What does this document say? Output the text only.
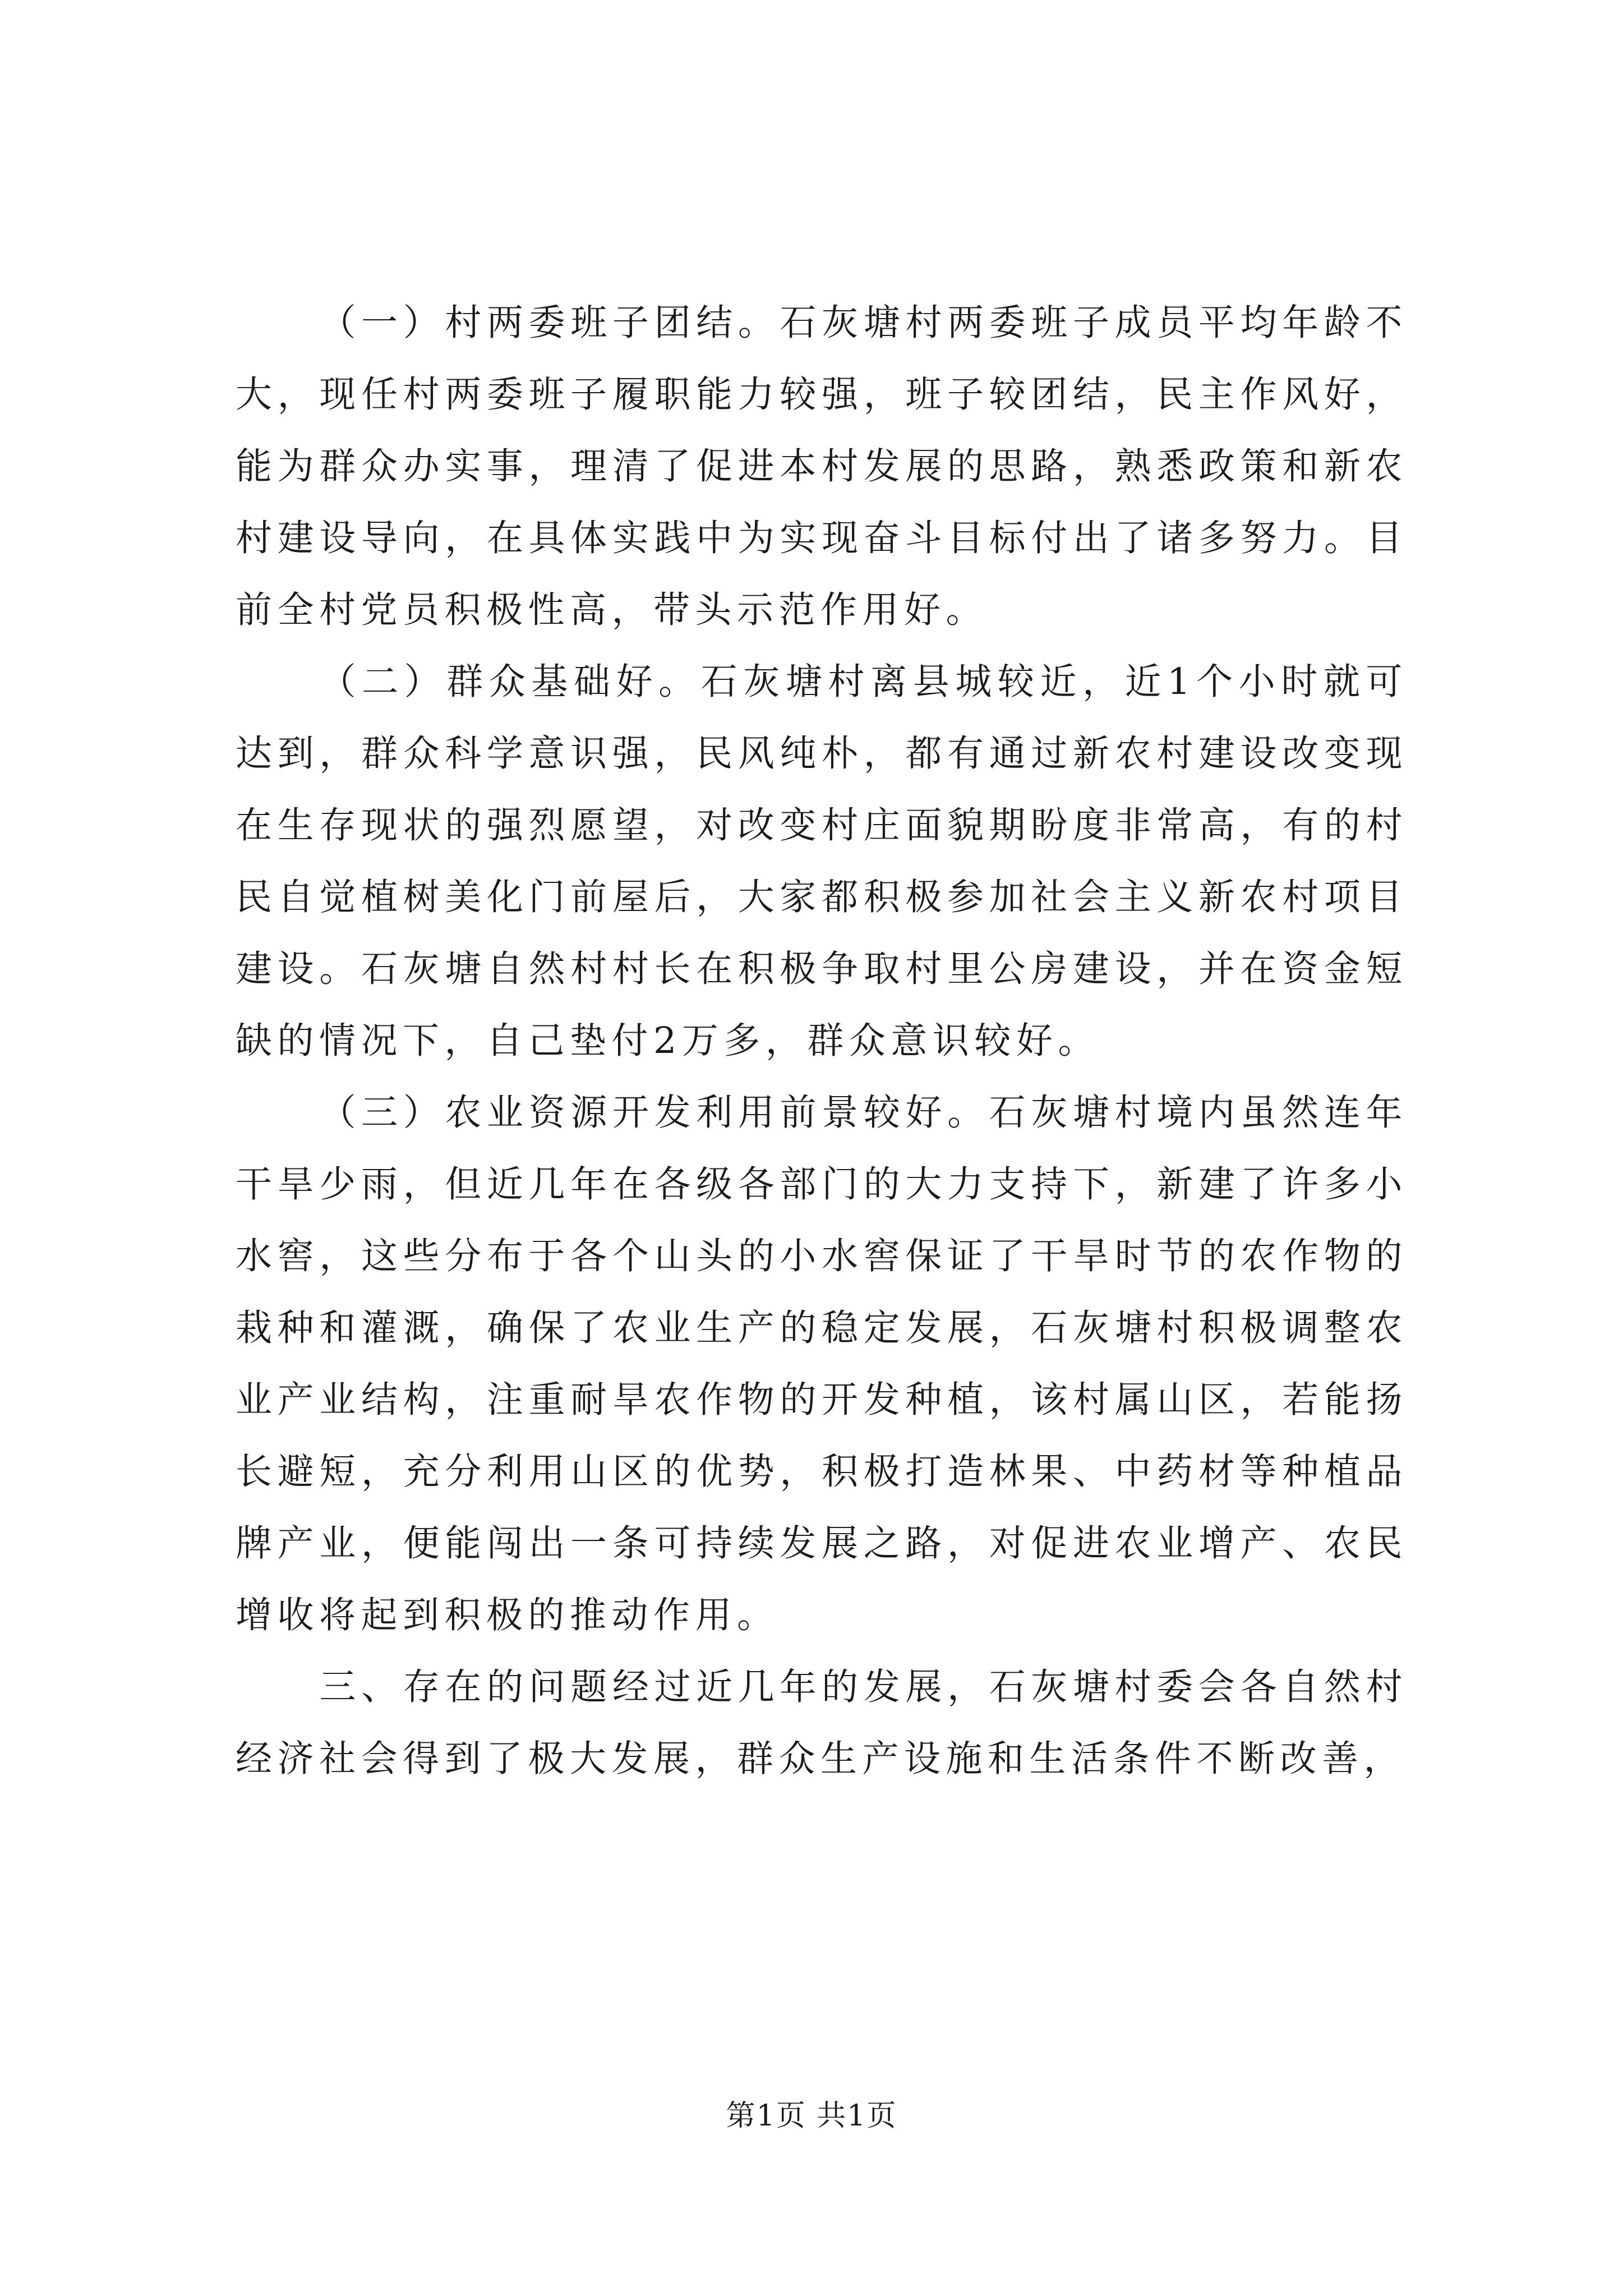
（一）村两委班子团结。石灰塘村两委班子成员平均年龄不大，现任村两委班子履职能力较强，班子较团结，民主作风好，能为群众办实事，理清了促进本村发展的思路，熟悉政策和新农村建设导向，在具体实践中为实现奋斗目标付出了诸多努力。目前全村党员积极性高，带头示范作用好。

（二）群众基础好。石灰塘村离县城较近，近1个小时就可达到，群众科学意识强，民风纯朴，都有通过新农村建设改变现在生存现状的强烈愿望，对改变村庄面貌期盼度非常高，有的村民自觉植树美化门前屋后，大家都积极参加社会主义新农村项目建设。石灰塘自然村村长在积极争取村里公房建设，并在资金短缺的情况下，自己垫付2万多，群众意识较好。

（三）农业资源开发利用前景较好。石灰塘村境内虽然连年干旱少雨，但近几年在各级各部门的大力支持下，新建了许多小水窖，这些分布于各个山头的小水窖保证了干旱时节的农作物的栽种和灌溉，确保了农业生产的稳定发展，石灰塘村积极调整农业产业结构，注重耐旱农作物的开发种植，该村属山区，若能扬长避短，充分利用山区的优势，积极打造林果、中药材等种植品牌产业，便能闯出一条可持续发展之路，对促进农业增产、农民增收将起到积极的推动作用。

三、存在的问题经过近几年的发展，石灰塘村委会各自然村经济社会得到了极大发展，群众生产设施和生活条件不断改善，

第1页 共1页
